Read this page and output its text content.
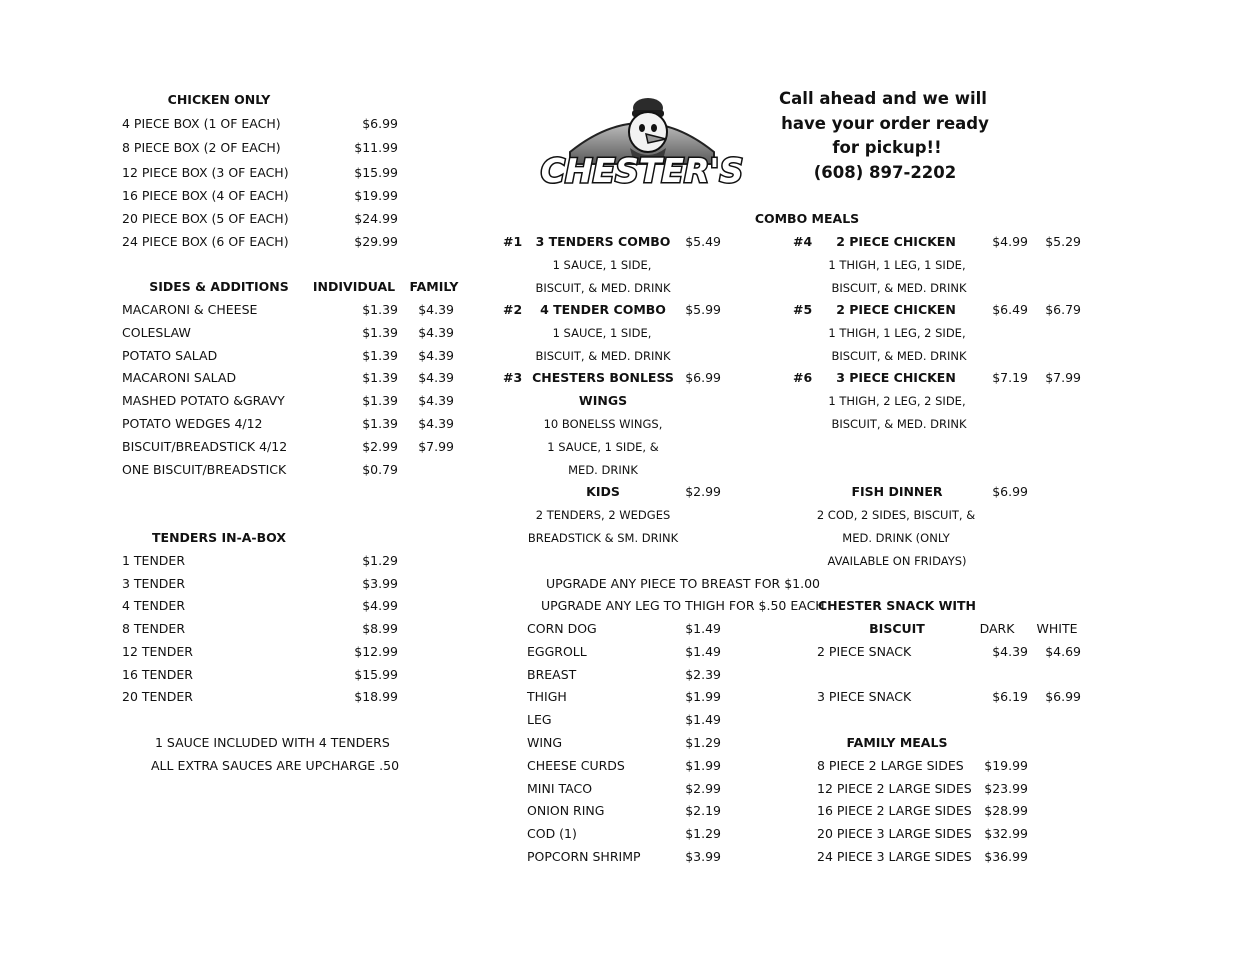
CHICKEN ONLY
4 PIECE BOX (1 OF EACH)	$6.99
8 PIECE BOX (2 OF EACH)	$11.99
12 PIECE BOX (3 OF EACH)	$15.99
16 PIECE BOX (4 OF EACH)	$19.99
20 PIECE BOX (5 OF EACH)	$24.99
24 PIECE BOX (6 OF EACH)	$29.99
SIDES & ADDITIONS INDIVIDUAL FAMILY
MACARONI & CHEESE	$1.39 $4.39
COLESLAW	$1.39 $4.39
POTATO SALAD	$1.39 $4.39
MACARONI SALAD	$1.39 $4.39
MASHED POTATO &GRAVY	$1.39 $4.39
POTATO WEDGES 4/12	$1.39 $4.39
BISCUIT/BREADSTICK 4/12	$2.99 $7.99
ONE BISCUIT/BREADSTICK	$0.79
TENDERS IN-A-BOX
1 TENDER	$1.29
3 TENDER	$3.99
4 TENDER	$4.99
8 TENDER	$8.99
12 TENDER	$12.99
16 TENDER	$15.99
20 TENDER	$18.99
1 SAUCE INCLUDED WITH 4 TENDERS
ALL EXTRA SAUCES ARE UPCHARGE .50
CHESTER'S
Call ahead and we will
have your order ready
for pickup!!
(608) 897-2202
COMBO MEALS
#1 3 TENDERS COMBO $5.49
1 SAUCE, 1 SIDE,
BISCUIT, & MED. DRINK
#2 4 TENDER COMBO $5.99
1 SAUCE, 1 SIDE,
BISCUIT, & MED. DRINK
#3 CHESTERS BONLESS $6.99
WINGS
10 BONELSS WINGS,
1 SAUCE, 1 SIDE, &
MED. DRINK
KIDS	$2.99
2 TENDERS, 2 WEDGES
BREADSTICK & SM. DRINK
#4 2 PIECE CHICKEN	$4.99 $5.29
1 THIGH, 1 LEG, 1 SIDE,
BISCUIT, & MED. DRINK
#5 2 PIECE CHICKEN	$6.49 $6.79
1 THIGH, 1 LEG, 2 SIDE,
BISCUIT, & MED. DRINK
#6 3 PIECE CHICKEN	$7.19 $7.99
1 THIGH, 2 LEG, 2 SIDE,
BISCUIT, & MED. DRINK
FISH DINNER	$6.99
2 COD, 2 SIDES, BISCUIT, &
MED. DRINK (ONLY
AVAILABLE ON FRIDAYS)
UPGRADE ANY PIECE TO BREAST FOR $1.00
UPGRADE ANY LEG TO THIGH FOR $.50 EACH
CORN DOG	$1.49
EGGROLL	$1.49
BREAST	$2.39
THIGH	$1.99
LEG	$1.49
WING	$1.29
CHEESE CURDS	$1.99
MINI TACO	$2.99
ONION RING	$2.19
COD (1)	$1.29
POPCORN SHRIMP	$3.99
CHESTER SNACK WITH
BISCUIT	DARK WHITE
2 PIECE SNACK	$4.39 $4.69
3 PIECE SNACK	$6.19 $6.99
FAMILY MEALS
8 PIECE 2 LARGE SIDES $19.99
12 PIECE 2 LARGE SIDES $23.99
16 PIECE 2 LARGE SIDES $28.99
20 PIECE 3 LARGE SIDES $32.99
24 PIECE 3 LARGE SIDES $36.99
